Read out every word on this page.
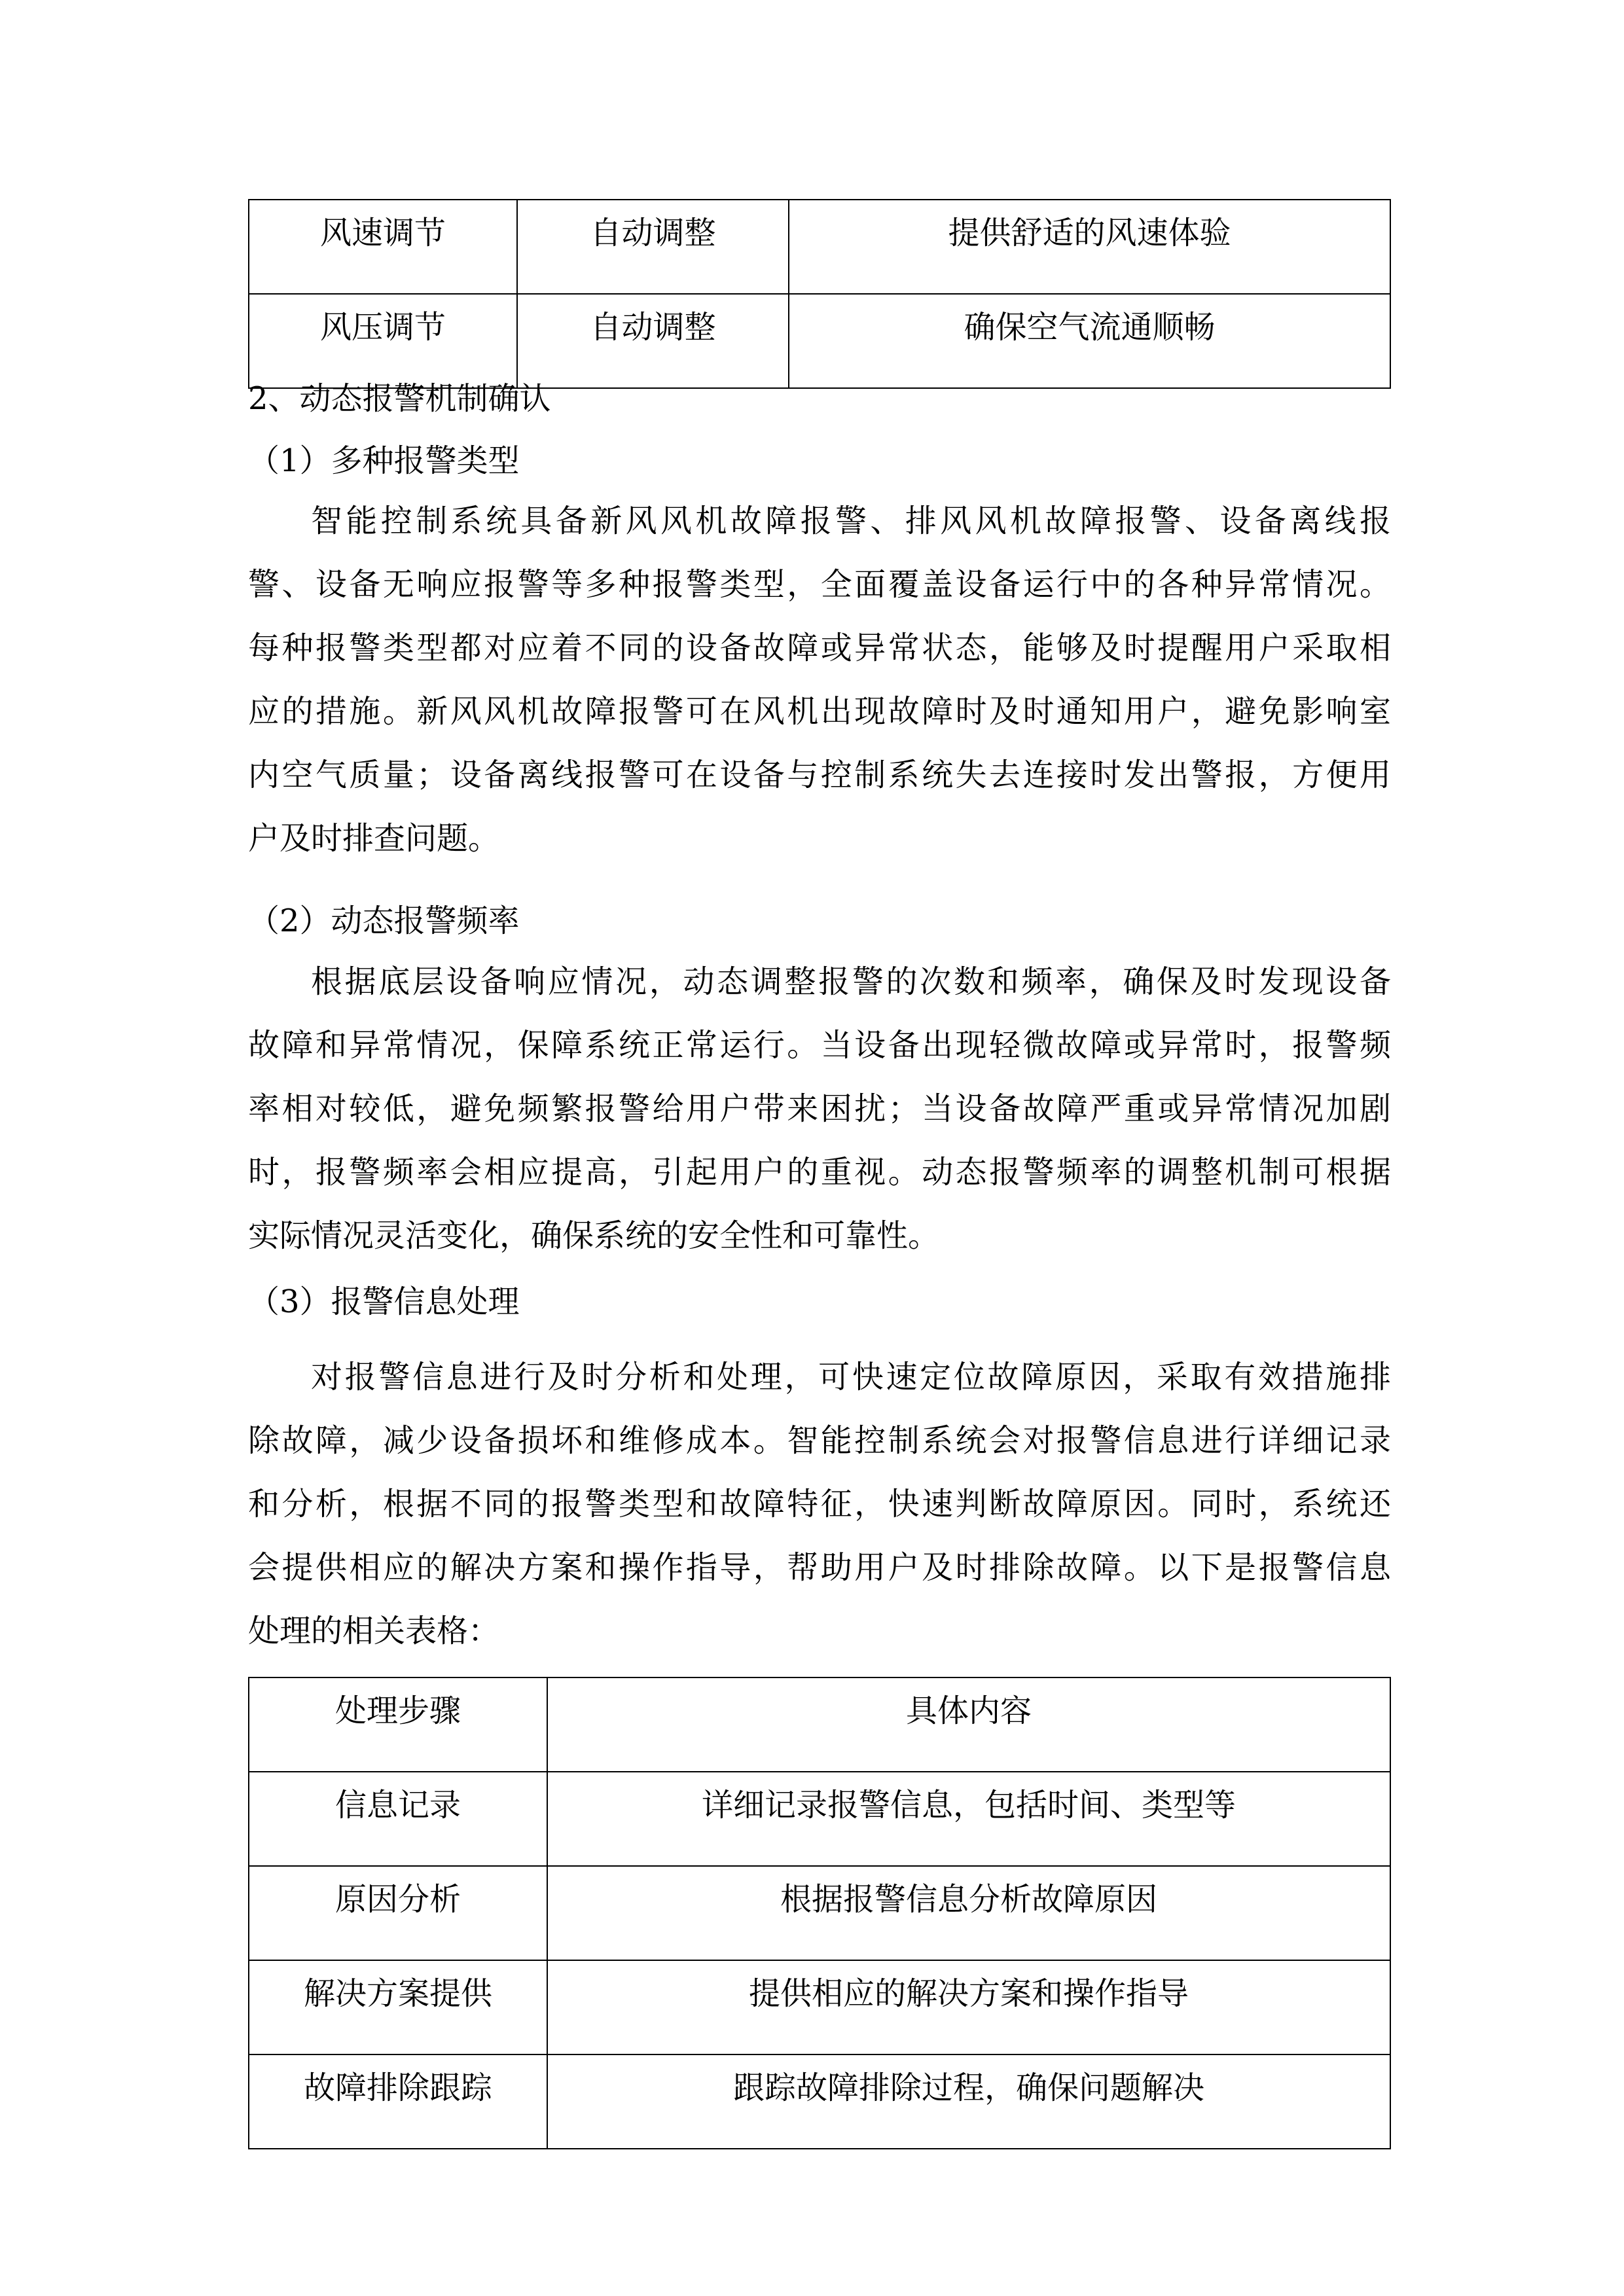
风速调节	自动调整	提供舒适的风速体验
风压调节	自动调整	确保空气流通顺畅
2、动态报警机制确认
（1）多种报警类型
智能控制系统具备新风风机故障报警、排风风机故障报警、设备离线报
警、设备无响应报警等多种报警类型，全面覆盖设备运行中的各种异常情况。
每种报警类型都对应着不同的设备故障或异常状态，能够及时提醒用户采取相
应的措施。新风风机故障报警可在风机出现故障时及时通知用户，避免影响室
内空气质量；设备离线报警可在设备与控制系统失去连接时发出警报，方便用
户及时排查问题。
（2）动态报警频率
根据底层设备响应情况，动态调整报警的次数和频率，确保及时发现设备
故障和异常情况，保障系统正常运行。当设备出现轻微故障或异常时，报警频
率相对较低，避免频繁报警给用户带来困扰；当设备故障严重或异常情况加剧
时，报警频率会相应提高，引起用户的重视。动态报警频率的调整机制可根据
实际情况灵活变化，确保系统的安全性和可靠性。
（3）报警信息处理
对报警信息进行及时分析和处理，可快速定位故障原因，采取有效措施排
除故障，减少设备损坏和维修成本。智能控制系统会对报警信息进行详细记录
和分析，根据不同的报警类型和故障特征，快速判断故障原因。同时，系统还
会提供相应的解决方案和操作指导，帮助用户及时排除故障。以下是报警信息
处理的相关表格：
处理步骤	具体内容
信息记录	详细记录报警信息，包括时间、类型等
原因分析	根据报警信息分析故障原因
解决方案提供	提供相应的解决方案和操作指导
故障排除跟踪	跟踪故障排除过程，确保问题解决
